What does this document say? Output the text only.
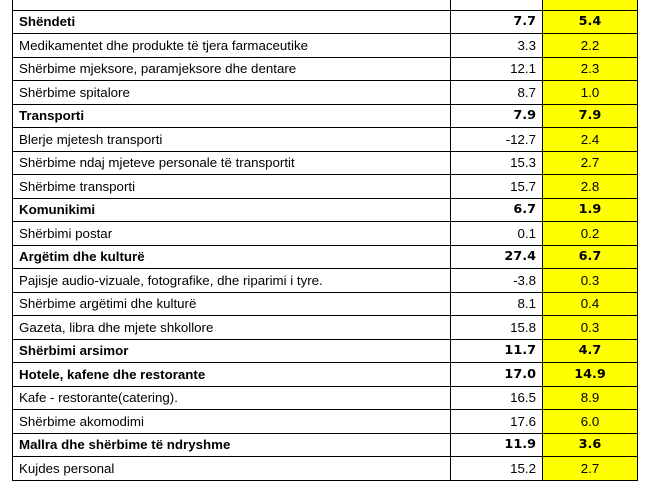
Shëndeti	7.7	5.4
Medikamentet dhe produkte të tjera farmaceutike	3.3	2.2
Shërbime mjeksore, paramjeksore dhe dentare	12.1	2.3
Shërbime spitalore	8.7	1.0
Transporti	7.9	7.9
Blerje mjetesh transporti	-12.7	2.4
Shërbime ndaj mjeteve personale të transportit	15.3	2.7
Shërbime transporti	15.7	2.8
Komunikimi	6.7	1.9
Shërbimi postar	0.1	0.2
Argëtim dhe kulturë	27.4	6.7
Pajisje audio-vizuale, fotografike, dhe riparimi i tyre.	-3.8	0.3
Shërbime argëtimi dhe kulturë	8.1	0.4
Gazeta, libra dhe mjete shkollore	15.8	0.3
Shërbimi arsimor	11.7	4.7
Hotele, kafene dhe restorante	17.0	14.9
Kafe - restorante(catering).	16.5	8.9
Shërbime akomodimi	17.6	6.0
Mallra dhe shërbime të ndryshme	11.9	3.6
Kujdes personal	15.2	2.7
